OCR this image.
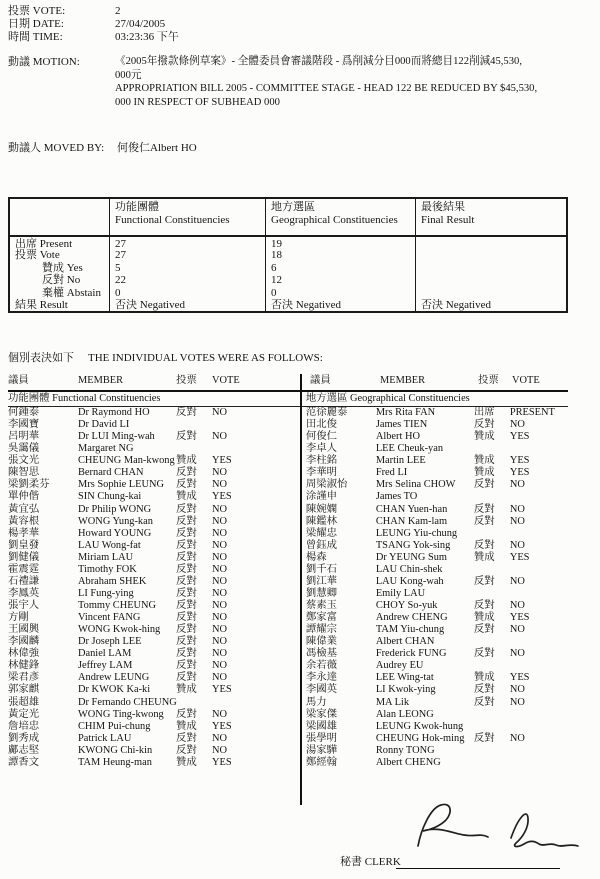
投票 VOTE:	2
日期 DATE:	27/04/2005
時間 TIME:	03:23:36 下午
動議 MOTION:	《2005年撥款條例草案》- 全體委員會審議階段 - 爲削減分目000而將總目122削減45,530,
000元
APPROPRIATION BILL 2005 - COMMITTEE STAGE - HEAD 122 BE REDUCED BY $45,530,
000 IN RESPECT OF SUBHEAD 000
動議人 MOVED BY: 何俊仁Albert HO
功能團體
Functional Constituencies
地方選區
Geographical Constituencies
最後結果
Final Result
出席 Present	27	19
投票 Vote	27	18
贊成 Yes	5	6
反對 No	22	12
棄權 Abstain	0	0
結果 Result	否決 Negatived	否決 Negatived	否決 Negatived
個別表決如下 THE INDIVIDUAL VOTES WERE AS FOLLOWS:
議員	MEMBER	投票	VOTE	議員	MEMBER	投票	VOTE
功能團體 Functional Constituencies	地方選區 Geographical Constituencies
何鍾泰	Dr Raymond HO	反對	NO
李國寶	Dr David LI
呂明華	Dr LUI Ming-wah	反對	NO
吳靄儀	Margaret NG
張文光	CHEUNG Man-kwong 贊成	YES
陳智思	Bernard CHAN	反對	NO
梁劉柔芬	Mrs Sophie LEUNG	反對	NO
單仲偕	SIN Chung-kai	贊成	YES
黃宜弘	Dr Philip WONG	反對	NO
黃容根	WONG Yung-kan	反對	NO
楊孝華	Howard YOUNG	反對	NO
劉皇發	LAU Wong-fat	反對	NO
劉健儀	Miriam LAU	反對	NO
霍震霆	Timothy FOK	反對	NO
石禮謙	Abraham SHEK	反對	NO
李鳳英	LI Fung-ying	反對	NO
張宇人	Tommy CHEUNG	反對	NO
方剛	Vincent FANG	反對	NO
王國興	WONG Kwok-hing	反對	NO
李國麟	Dr Joseph LEE	反對	NO
林偉強	Daniel LAM	反對	NO
林健鋒	Jeffrey LAM	反對	NO
梁君彥	Andrew LEUNG	反對	NO
郭家麒	Dr KWOK Ka-ki	贊成	YES
張超雄	Dr Fernando CHEUNG
黃定光	WONG Ting-kwong	反對	NO
詹培忠	CHIM Pui-chung	贊成	YES
劉秀成	Patrick LAU	反對	NO
鄺志堅	KWONG Chi-kin	反對	NO
譚香文	TAM Heung-man	贊成	YES
范徐麗泰	Mrs Rita FAN	出席	PRESENT
田北俊	James TIEN	反對	NO
何俊仁	Albert HO	贊成	YES
李卓人	LEE Cheuk-yan
李柱銘	Martin LEE	贊成	YES
李華明	Fred LI	贊成	YES
周梁淑怡	Mrs Selina CHOW	反對	NO
涂謹申	James TO
陳婉嫻	CHAN Yuen-han	反對	NO
陳鑑林	CHAN Kam-lam	反對	NO
梁耀忠	LEUNG Yiu-chung
曾鈺成	TSANG Yok-sing	反對	NO
楊森	Dr YEUNG Sum	贊成	YES
劉千石	LAU Chin-shek
劉江華	LAU Kong-wah	反對	NO
劉慧卿	Emily LAU
蔡素玉	CHOY So-yuk	反對	NO
鄭家富	Andrew CHENG	贊成	YES
譚耀宗	TAM Yiu-chung	反對	NO
陳偉業	Albert CHAN
馮檢基	Frederick FUNG	反對	NO
余若薇	Audrey EU
李永達	LEE Wing-tat	贊成	YES
李國英	LI Kwok-ying	反對	NO
馬力	MA Lik	反對	NO
梁家傑	Alan LEONG
梁國雄	LEUNG Kwok-hung
張學明	CHEUNG Hok-ming 反對	NO
湯家驊	Ronny TONG
鄭經翰	Albert CHENG
秘書 CLERK
